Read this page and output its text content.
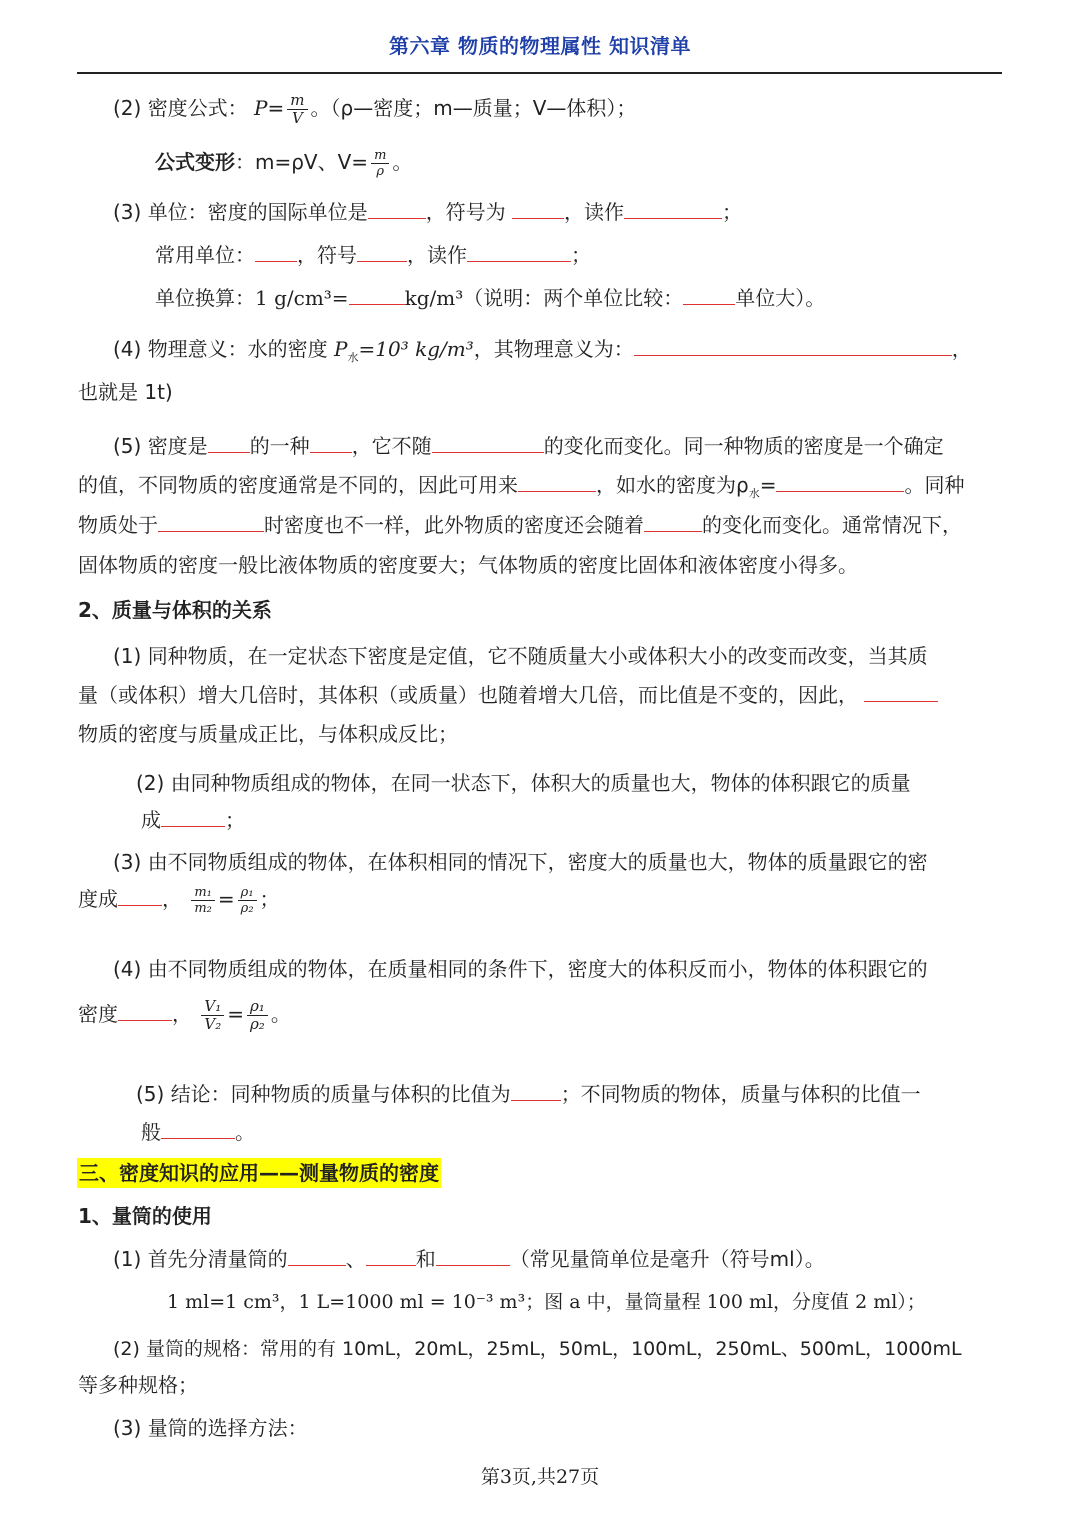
第六章 物质的物理属性 知识清单
(2) 密度公式： $P= \frac{m}{V}$ 。（ρ—密度；m—质量；V—体积）；
公式变形：m=ρV、$V= \frac{m}{\rho}$ 。
(3) 单位：密度的国际单位是	，符号为	，读作	；
常用单位： ，符号	，读作	；
单位换算：1 g/cm³=	kg/m³（说明：两个单位比较：	单位大）。
(4) 物理意义：水的密度 $P_水=10^3$ kg/m³，其物理意义为：	，
也就是 1t)
(5) 密度是 的一种 ，它不随	的变化而变化。同一种物质的密度是一个确定
的值，不同物质的密度通常是不同的，因此可用来	，如水的密度为$\rho_水=$	。同种
物质处于	时密度也不一样，此外物质的密度还会随着	的变化而变化。通常情况下，
固体物质的密度一般比液体物质的密度要大；气体物质的密度比固体和液体密度小得多。
2、质量与体积的关系
(1) 同种物质，在一定状态下密度是定值，它不随质量大小或体积大小的改变而改变，当其质
量（或体积）增大几倍时，其体积（或质量）也随着增大几倍，而比值是不变的，因此，
物质的密度与质量成正比，与体积成反比；
(2) 由同种物质组成的物体，在同一状态下，体积大的质量也大，物体的体积跟它的质量
成	；
(3) 由不同物质组成的物体，在体积相同的情况下，密度大的质量也大，物体的质量跟它的密
度成 ， $\frac{\text{m₁}}{\text{m₂}} = \frac{\text{ρ₁}}{\text{ρ₂}}$ ；
(4) 由不同物质组成的物体，在质量相同的条件下，密度大的体积反而小，物体的体积跟它的
密度	， $\frac{\text{V₁}}{\text{V₂}} = \frac{\text{ρ₁}}{\text{ρ₂}}$ 。
(5) 结论：同种物质的质量与体积的比值为	；不同物质的物体，质量与体积的比值一
般	。
三、密度知识的应用——测量物质的密度
1、量筒的使用
(1) 首先分清量筒的	、	和	（常见量筒单位是毫升（符号ml）。
1 ml=1 cm³，1 L=1000 ml = 10⁻³ m³；图 a 中，量筒量程 100 ml，分度值 2 ml）；
(2) 量筒的规格：常用的有 10mL，20mL，25mL，50mL，100mL，250mL、500mL，1000mL
等多种规格；
(3) 量筒的选择方法：
第3页,共27页
